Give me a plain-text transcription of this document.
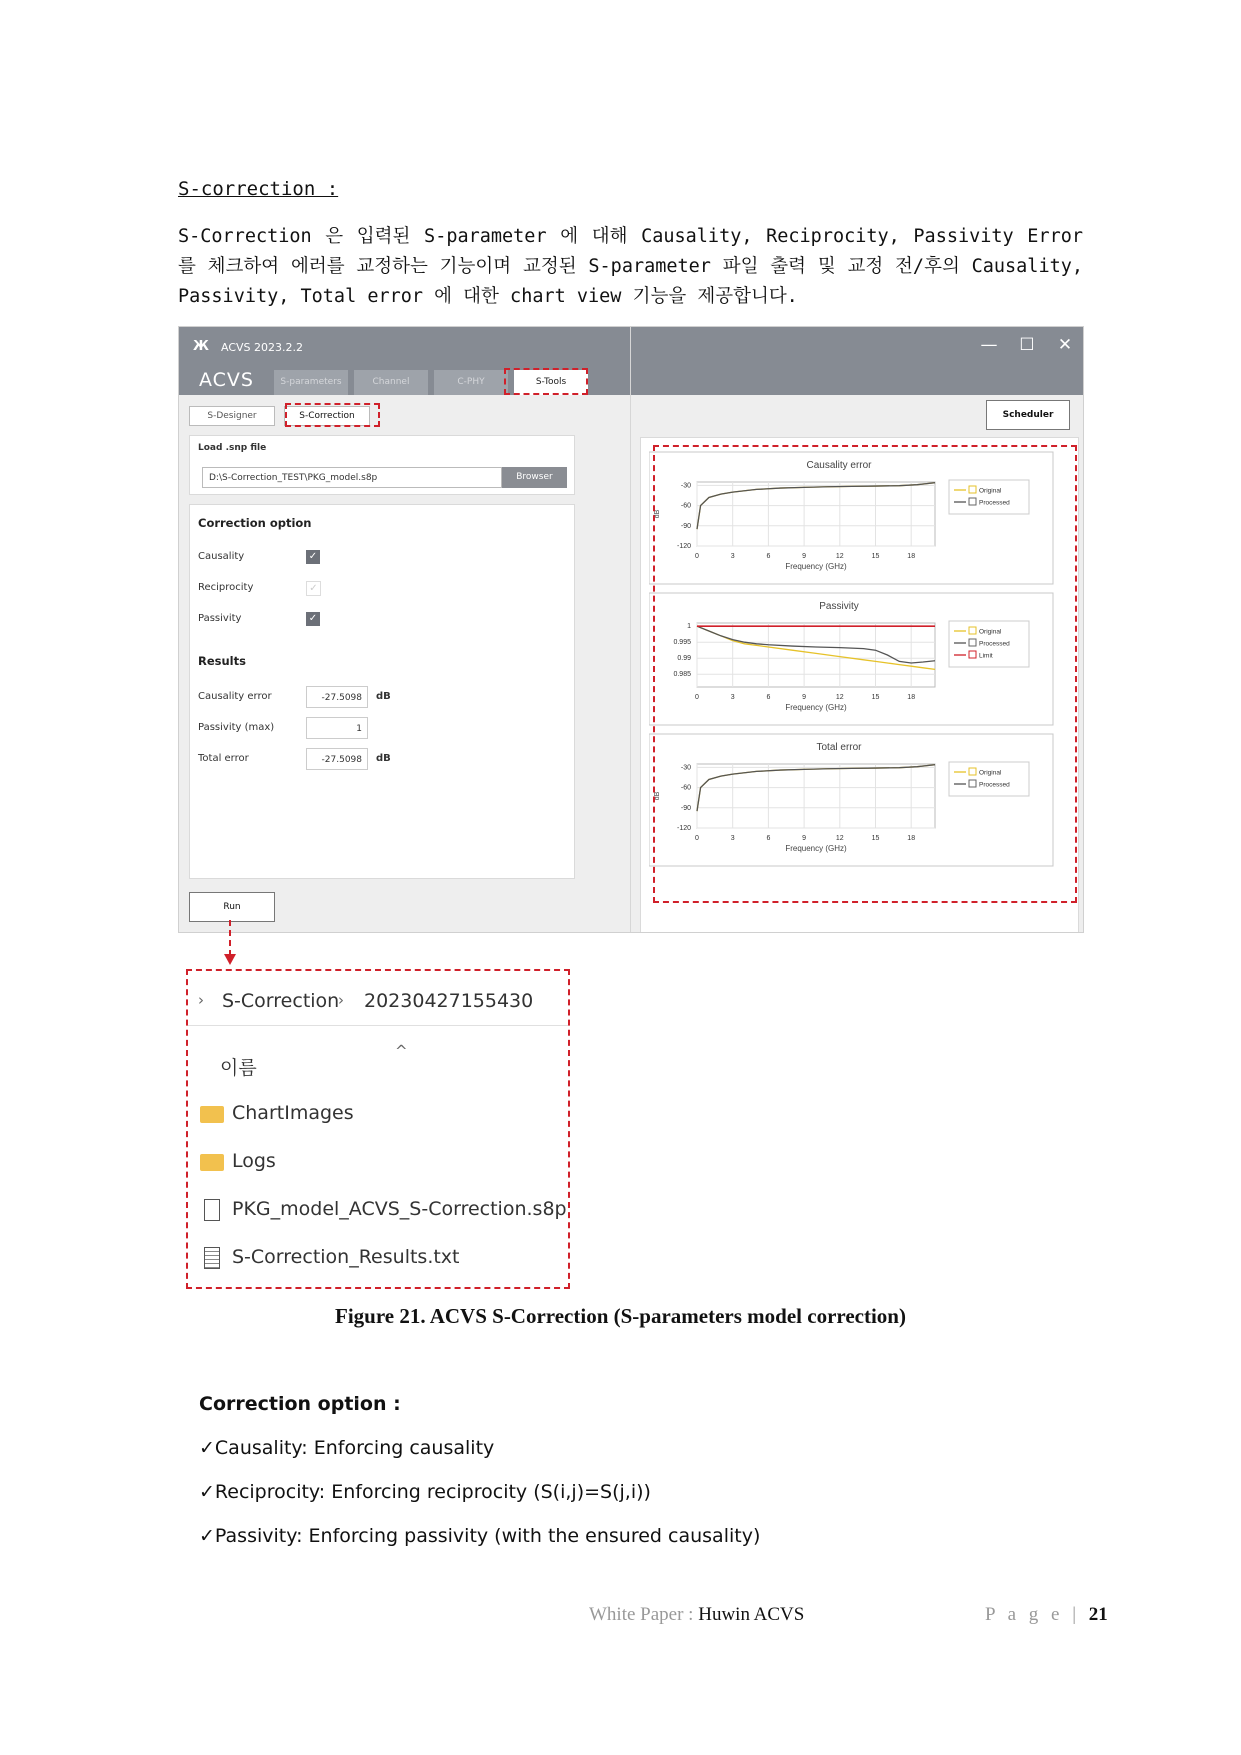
S-correction :
S-Correction 은 입력된 S-parameter 에 대해 Causality, Reciprocity, Passivity Error 를 체크하여 에러를 교정하는 기능이며 교정된 S-parameter 파일 출력 및 교정 전/후의 Causality, Passivity, Total error 에 대한 chart view 기능을 제공합니다.
Ж ACVS 2023.2.2
ACVS
— ☐ ✕
S-parameters	Channel	C-PHY	S-Tools
S-Designer	S-Correction
Load .snp file
D:\S-Correction_TEST\PKG_model.s8p	Browser
Correction option
Causality	✓
Reciprocity	✓
Passivity	✓
Results
Causality error	-27.5098	dB
Passivity (max)	1
Total error	-27.5098	dB
Run
Scheduler
Causality error
0	3	6	9	12	15	18
-30
-60
-90
-120
Frequency (GHz)
dB
Original
Processed
Passivity
0	3	6	9	12	15	18
1
0.995
0.99
0.985
Frequency (GHz)
Original
Processed
Limit
Total error
0	3	6	9	12	15	18
-30
-60
-90
-120
Frequency (GHz)
dB
Original
Processed
› S-Correction
› 20230427155430
^
이름
ChartImages
Logs
PKG_model_ACVS_S-Correction.s8p
S-Correction_Results.txt
Figure 21. ACVS S-Correction (S-parameters model correction)
Correction option :
✓Causality: Enforcing causality
✓Reciprocity: Enforcing reciprocity (S(i,j)=S(j,i))
✓Passivity: Enforcing passivity (with the ensured causality)
White Paper : Huwin ACVS	P a g e | 21
